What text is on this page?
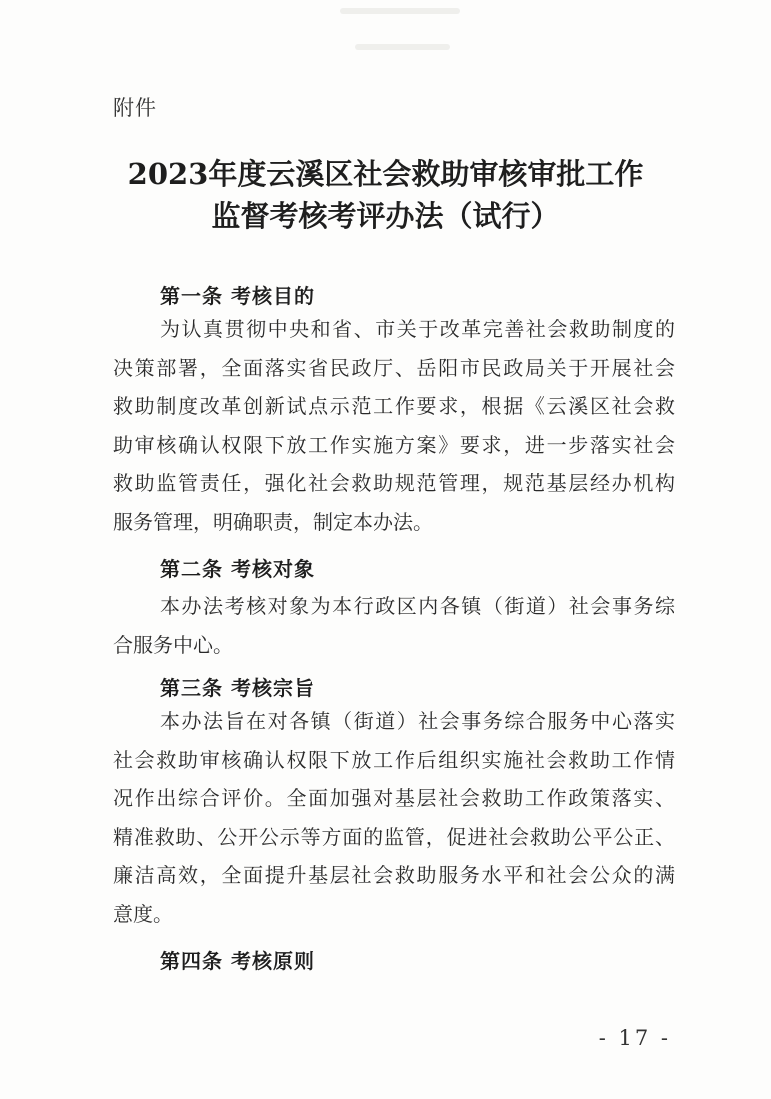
附件
2023年度云溪区社会救助审核审批工作
监督考核考评办法（试行）
第一条 考核目的
为认真贯彻中央和省、市关于改革完善社会救助制度的
决策部署，全面落实省民政厅、岳阳市民政局关于开展社会
救助制度改革创新试点示范工作要求，根据《云溪区社会救
助审核确认权限下放工作实施方案》要求，进一步落实社会
救助监管责任，强化社会救助规范管理，规范基层经办机构
服务管理，明确职责，制定本办法。
第二条 考核对象
本办法考核对象为本行政区内各镇（街道）社会事务综
合服务中心。
第三条 考核宗旨
本办法旨在对各镇（街道）社会事务综合服务中心落实
社会救助审核确认权限下放工作后组织实施社会救助工作情
况作出综合评价。全面加强对基层社会救助工作政策落实、
精准救助、公开公示等方面的监管，促进社会救助公平公正、
廉洁高效，全面提升基层社会救助服务水平和社会公众的满
意度。
第四条 考核原则
- 17 -
